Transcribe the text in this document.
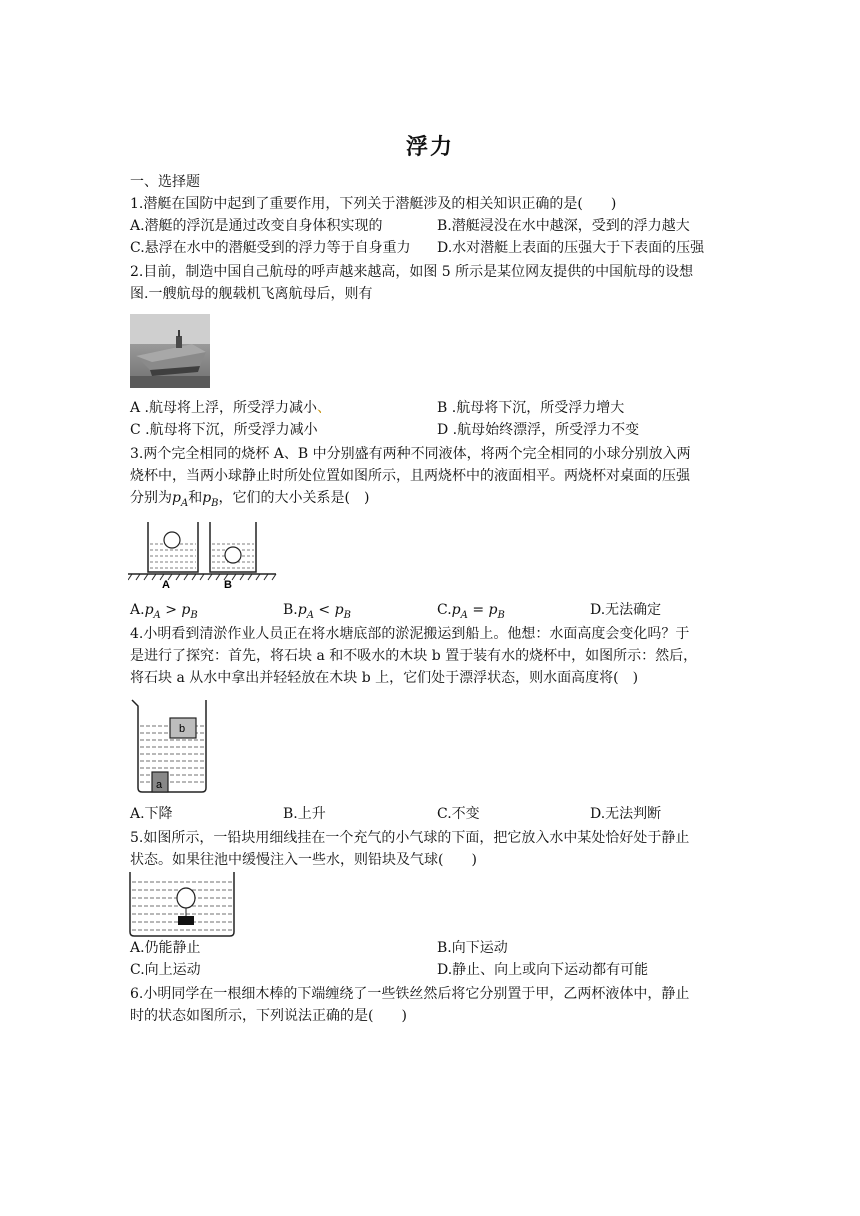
浮力
一、选择题
1.潜艇在国防中起到了重要作用，下列关于潜艇涉及的相关知识正确的是(　　)
A.潜艇的浮沉是通过改变自身体积实现的	B.潜艇浸没在水中越深，受到的浮力越大
C.悬浮在水中的潜艇受到的浮力等于自身重力 D.水对潜艇上表面的压强大于下表面的压强
2.目前，制造中国自己航母的呼声越来越高，如图 5 所示是某位网友提供的中国航母的设想
图.一艘航母的舰载机飞离航母后，则有
A .航母将上浮，所受浮力减小、	B .航母将下沉，所受浮力增大
C .航母将下沉，所受浮力减小	D .航母始终漂浮，所受浮力不变
3.两个完全相同的烧杯 A、B 中分别盛有两种不同液体，将两个完全相同的小球分别放入两
烧杯中，当两小球静止时所处位置如图所示，且两烧杯中的液面相平。两烧杯对桌面的压强
分别为$p_A$和$p_B$，它们的大小关系是(　)
A	B
$A.p_A > p_B$	$B.p_A < p_B$	$C.p_A = p_B$	D.无法确定
4.小明看到清淤作业人员正在将水塘底部的淤泥搬运到船上。他想：水面高度会变化吗？于
是进行了探究：首先，将石块 a 和不吸水的木块 b 置于装有水的烧杯中，如图所示：然后，
将石块 a 从水中拿出并轻轻放在木块 b 上，它们处于漂浮状态，则水面高度将(　)
b
a
A.下降	B.上升	C.不变	D.无法判断
5.如图所示，一铅块用细线挂在一个充气的小气球的下面，把它放入水中某处恰好处于静止
状态。如果往池中缓慢注入一些水，则铅块及气球(　　)
A.仍能静止	B.向下运动
C.向上运动	D.静止、向上或向下运动都有可能
6.小明同学在一根细木棒的下端缠绕了一些铁丝然后将它分别置于甲，乙两杯液体中，静止
时的状态如图所示，下列说法正确的是(　　)
